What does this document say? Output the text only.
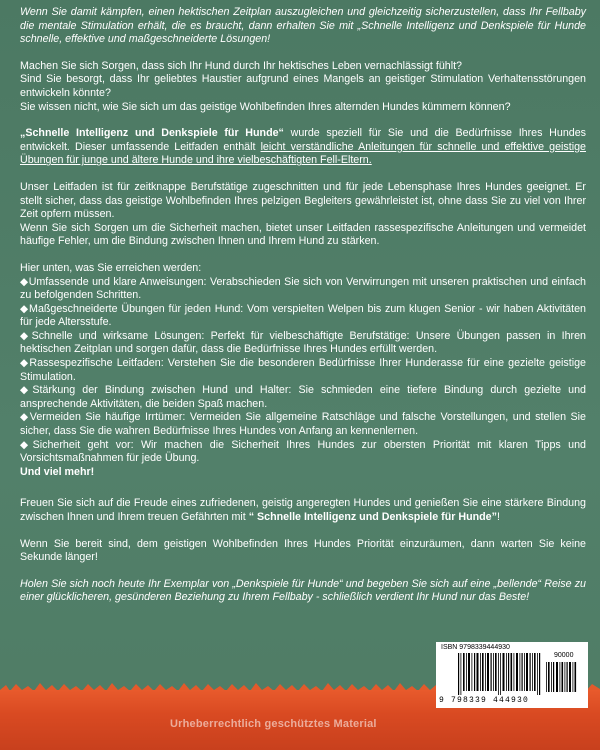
Wenn Sie damit kämpfen, einen hektischen Zeitplan auszugleichen und gleichzeitig sicherzustellen, dass Ihr Fellbaby die mentale Stimulation erhält, die es braucht, dann erhalten Sie mit „Schnelle Intelligenz und Denkspiele für Hunde schnelle, effektive und maßgeschneiderte Lösungen!

Machen Sie sich Sorgen, dass sich Ihr Hund durch Ihr hektisches Leben vernachlässigt fühlt?
Sind Sie besorgt, dass Ihr geliebtes Haustier aufgrund eines Mangels an geistiger Stimulation Verhaltensstörungen entwickeln könnte?
Sie wissen nicht, wie Sie sich um das geistige Wohlbefinden Ihres alternden Hundes kümmern können?

„Schnelle Intelligenz und Denkspiele für Hunde“ wurde speziell für Sie und die Bedürfnisse Ihres Hundes entwickelt. Dieser umfassende Leitfaden enthält leicht verständliche Anleitungen für schnelle und effektive geistige Übungen für junge und ältere Hunde und ihre vielbeschäftigten Fell-Eltern.

Unser Leitfaden ist für zeitknappe Berufstätige zugeschnitten und für jede Lebensphase Ihres Hundes geeignet. Er stellt sicher, dass das geistige Wohlbefinden Ihres pelzigen Begleiters gewährleistet ist, ohne dass Sie zu viel von Ihrer Zeit opfern müssen.
Wenn Sie sich Sorgen um die Sicherheit machen, bietet unser Leitfaden rassespezifische Anleitungen und vermeidet häufige Fehler, um die Bindung zwischen Ihnen und Ihrem Hund zu stärken.

Hier unten, was Sie erreichen werden:
◆Umfassende und klare Anweisungen: Verabschieden Sie sich von Verwirrungen mit unseren praktischen und einfach zu befolgenden Schritten.
◆Maßgeschneiderte Übungen für jeden Hund: Vom verspielten Welpen bis zum klugen Senior - wir haben Aktivitäten für jede Altersstufe.
◆Schnelle und wirksame Lösungen: Perfekt für vielbeschäftigte Berufstätige: Unsere Übungen passen in Ihren hektischen Zeitplan und sorgen dafür, dass die Bedürfnisse Ihres Hundes erfüllt werden.
◆Rassespezifische Leitfaden: Verstehen Sie die besonderen Bedürfnisse Ihrer Hunderasse für eine gezielte geistige Stimulation.
◆Stärkung der Bindung zwischen Hund und Halter: Sie schmieden eine tiefere Bindung durch gezielte und ansprechende Aktivitäten, die beiden Spaß machen.
◆Vermeiden Sie häufige Irrtümer: Vermeiden Sie allgemeine Ratschläge und falsche Vorstellungen, und stellen Sie sicher, dass Sie die wahren Bedürfnisse Ihres Hundes von Anfang an kennenlernen.
◆Sicherheit geht vor: Wir machen die Sicherheit Ihres Hundes zur obersten Priorität mit klaren Tipps und Vorsichtsmaßnahmen für jede Übung.
Und viel mehr!

Freuen Sie sich auf die Freude eines zufriedenen, geistig angeregten Hundes und genießen Sie eine stärkere Bindung zwischen Ihnen und Ihrem treuen Gefährten mit “ Schnelle Intelligenz und Denkspiele für Hunde”!

Wenn Sie bereit sind, dem geistigen Wohlbefinden Ihres Hundes Priorität einzuräumen, dann warten Sie keine Sekunde länger!

Holen Sie sich noch heute Ihr Exemplar von „Denkspiele für Hunde“ und begeben Sie sich auf eine „bellende“ Reise zu einer glücklicheren, gesünderen Beziehung zu Ihrem Fellbaby - schließlich verdient Ihr Hund nur das Beste!

ISBN 9798339444930
90000
9 798339 444930
Urheberrechtlich geschütztes Material
